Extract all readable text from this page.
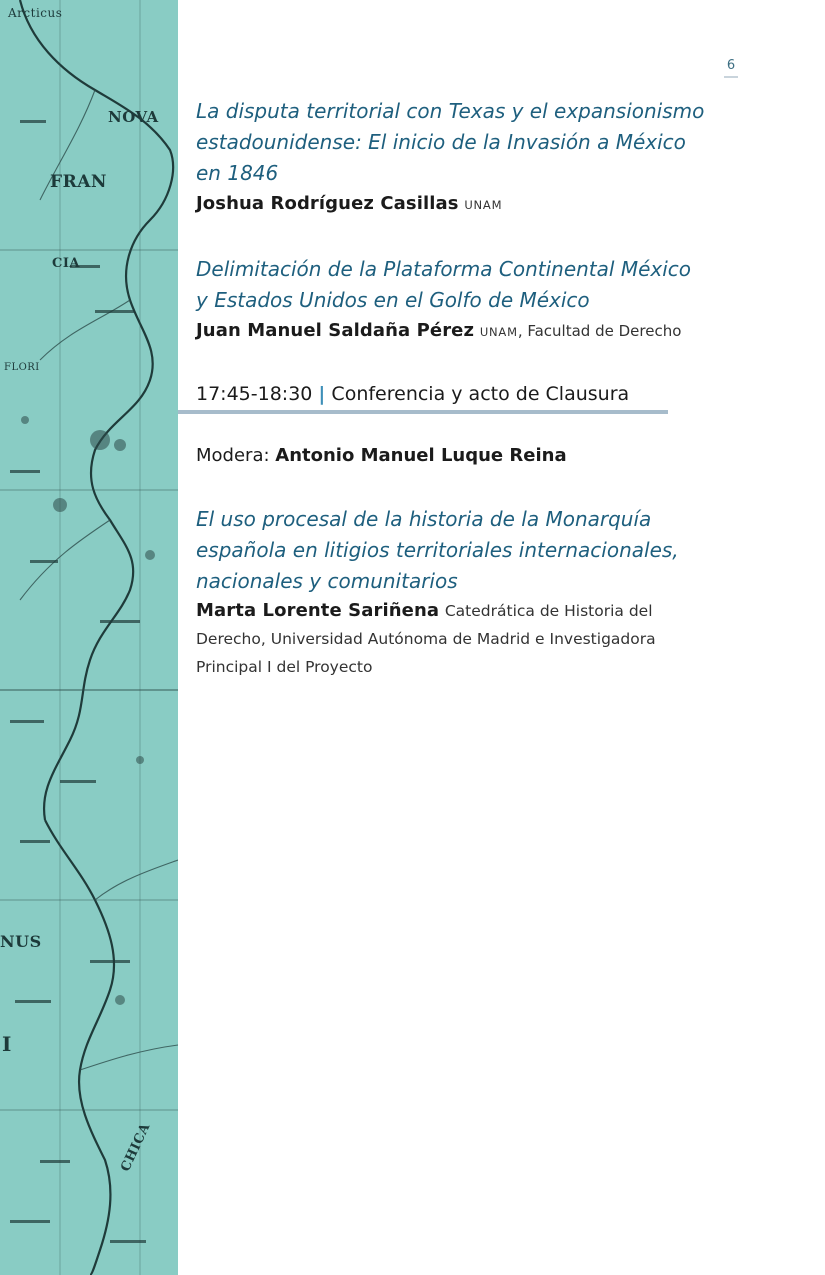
Arcticus
NOVA
FRAN
CIA
FLORI
NUS
I
CHICA
6

La disputa territorial con Texas y el expansionismo
estadounidense: El inicio de la Invasión a México
en 1846

Joshua Rodríguez Casillas UNAM

Delimitación de la Plataforma Continental México
y Estados Unidos en el Golfo de México

Juan Manuel Saldaña Pérez UNAM, Facultad de Derecho

17:45-18:30 | Conferencia y acto de Clausura
Modera: Antonio Manuel Luque Reina

El uso procesal de la historia de la Monarquía
española en litigios territoriales internacionales,
nacionales y comunitarios

Marta Lorente Sariñena Catedrática de Historia del
Derecho, Universidad Autónoma de Madrid e Investigadora
Principal I del Proyecto
